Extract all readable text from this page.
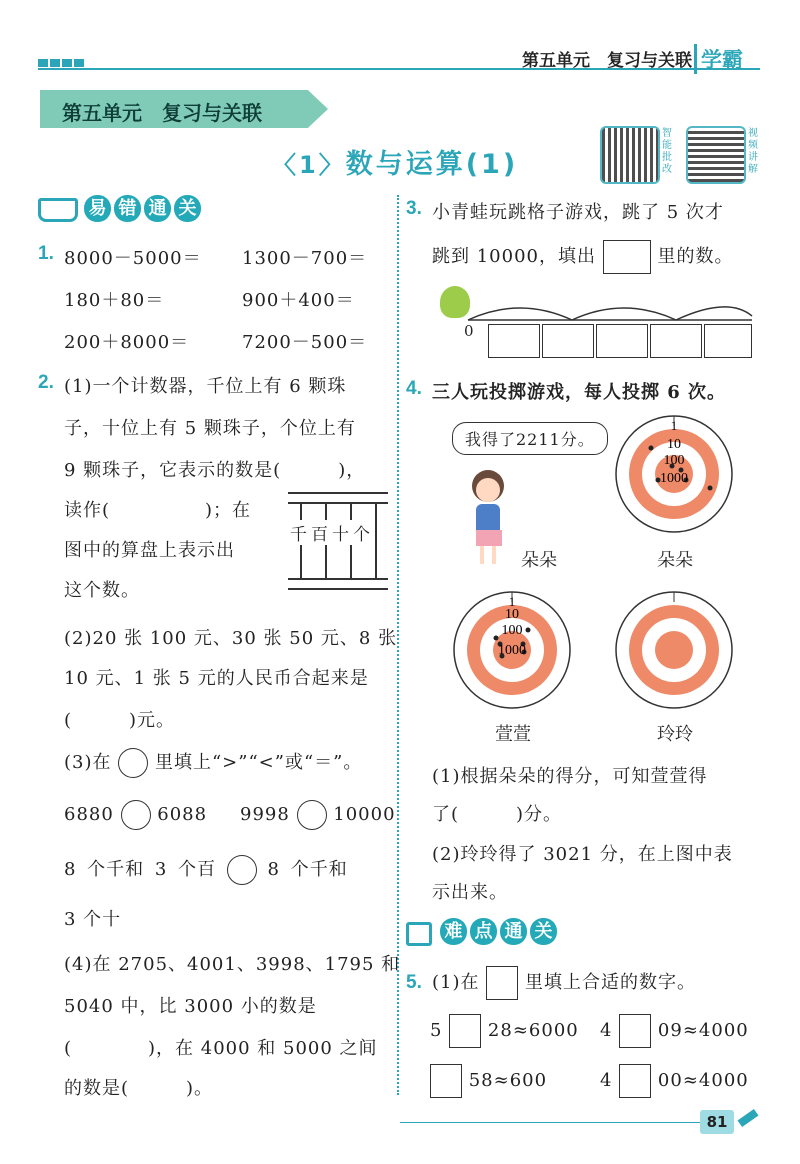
第五单元　 复习与关联 学霸
第五单元　复习与关联
〈1〉数与运算(1)
智能批改
视频讲解
易 错 通 关
1. 8000－5000＝ 1300－700＝
180＋80＝	900＋400＝
200＋8000＝	7200－500＝
2. (1)一个计数器，千位上有 6 颗珠
子，十位上有 5 颗珠子，个位上有
9 颗珠子，它表示的数是(　　　)，
读作(　　　　　)；在
图中的算盘上表示出
这个数。
千百十个
(2)20 张 100 元、30 张 50 元、8 张
10 元、1 张 5 元的人民币合起来是
(　　　)元。
(3)在 里填上“>”“<”或“＝”。
6880 6088 9998 10000
8 个千和 3 个百	8 个千和
3 个十
(4)在 2705、4001、3998、1795 和
5040 中，比 3000 小的数是
(　　　　)，在 4000 和 5000 之间
的数是(　　　)。
3. 小青蛙玩跳格子游戏，跳了 5 次才
跳到 10000，填出	里的数。
0
4. 三人玩投掷游戏，每人投掷 6 次。
我得了2211分。
朵朵
1
10
100
1000
朵朵
1
10
100
1000
萱萱	玲玲
(1)根据朵朵的得分，可知萱萱得
了(　　　)分。
(2)玲玲得了 3021 分，在上图中表
示出来。
难 点 通 关
5. (1)在	里填上合适的数字。
5	28≈6000 4	09≈4000
58≈600	4	00≈4000
81
